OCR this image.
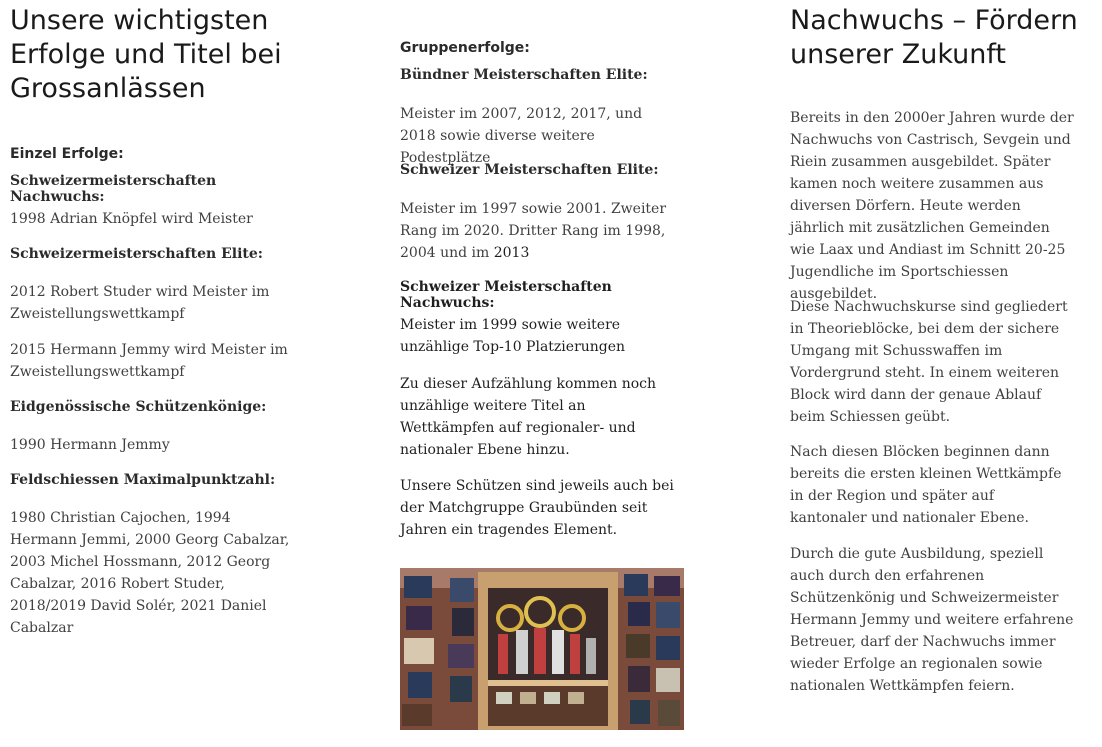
Unsere wichtigsten Erfolge und Titel bei Grossanlässen
Einzel Erfolge:
Schweizermeisterschaften Nachwuchs:

1998 Adrian Knöpfel wird Meister

Schweizermeisterschaften Elite:

2012 Robert Studer wird Meister im Zweistellungswettkampf

2015 Hermann Jemmy wird Meister im Zweistellungswettkampf

Eidgenössische Schützenkönige:

1990 Hermann Jemmy

Feldschiessen Maximalpunktzahl:

1980 Christian Cajochen, 1994 Hermann Jemmi, 2000 Georg Cabalzar, 2003 Michel Hossmann, 2012 Georg Cabalzar, 2016 Robert Studer, 2018/2019 David Solér, 2021 Daniel Cabalzar

Gruppenerfolge:
Bündner Meisterschaften Elite:

Meister im 2007, 2012, 2017, und 2018 sowie diverse weitere Podestplätze

Schweizer Meisterschaften Elite:

Meister im 1997 sowie 2001. Zweiter Rang im 2020. Dritter Rang im 1998, 2004 und im 2013

Schweizer Meisterschaften Nachwuchs:

Meister im 1999 sowie weitere unzählige Top-10 Platzierungen

Zu dieser Aufzählung kommen noch unzählige weitere Titel an Wettkämpfen auf regionaler- und nationaler Ebene hinzu.

Unsere Schützen sind jeweils auch bei der Matchgruppe Graubünden seit Jahren ein tragendes Element.

Nachwuchs – Fördern unserer Zukunft

Bereits in den 2000er Jahren wurde der Nachwuchs von Castrisch, Sevgein und Riein zusammen ausgebildet. Später kamen noch weitere zusammen aus diversen Dörfern. Heute werden jährlich mit zusätzlichen Gemeinden wie Laax und Andiast im Schnitt 20-25 Jugendliche im Sportschiessen ausgebildet.

Diese Nachwuchskurse sind gegliedert in Theorieblöcke, bei dem der sichere Umgang mit Schusswaffen im Vordergrund steht. In einem weiteren Block wird dann der genaue Ablauf beim Schiessen geübt.

Nach diesen Blöcken beginnen dann bereits die ersten kleinen Wettkämpfe in der Region und später auf kantonaler und nationaler Ebene.

Durch die gute Ausbildung, speziell auch durch den erfahrenen Schützenkönig und Schweizermeister Hermann Jemmy und weitere erfahrene Betreuer, darf der Nachwuchs immer wieder Erfolge an regionalen sowie nationalen Wettkämpfen feiern.
